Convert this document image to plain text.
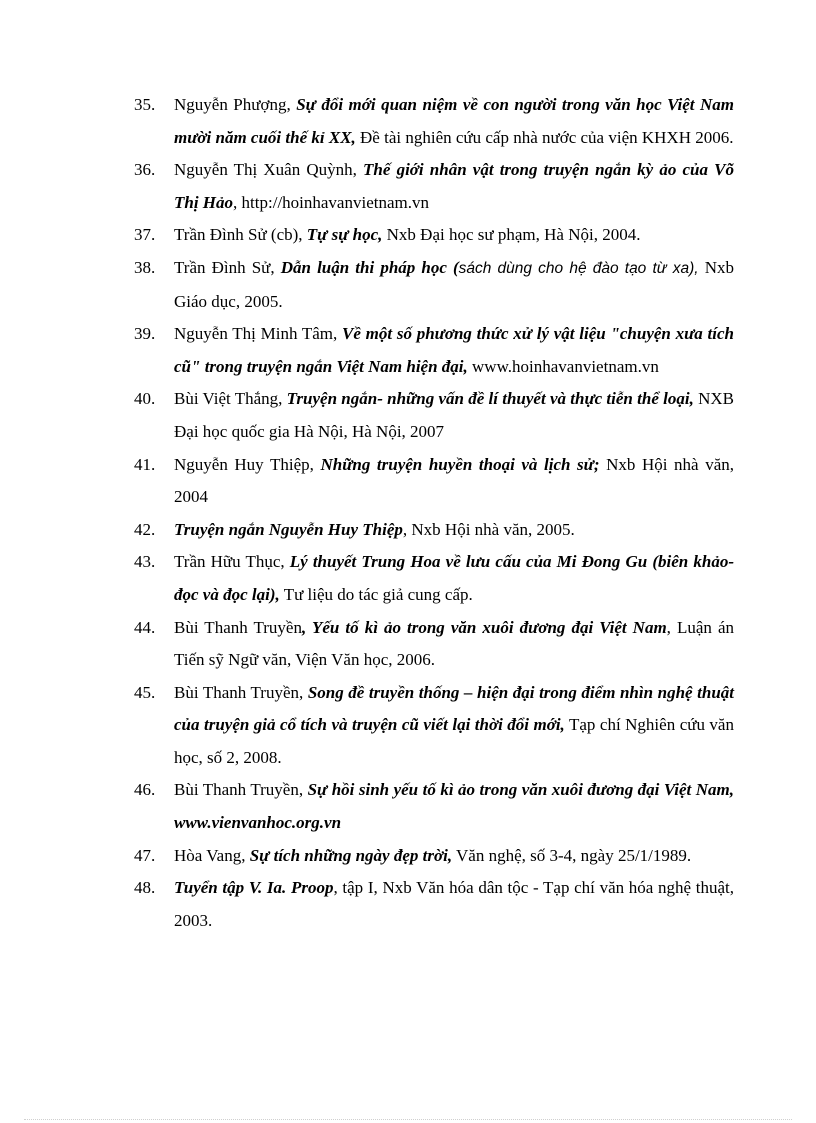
35. Nguyễn Phượng, Sự đổi mới quan niệm về con người trong văn học Việt Nam mười năm cuối thế kỉ XX, Đề tài nghiên cứu cấp nhà nước của viện KHXH 2006.
36. Nguyễn Thị Xuân Quỳnh, Thế giới nhân vật trong truyện ngắn kỳ ảo của Võ Thị Hảo, http://hoinhavanvietnam.vn
37. Trần Đình Sử (cb), Tự sự học, Nxb Đại học sư phạm, Hà Nội, 2004.
38. Trần Đình Sử, Dẫn luận thi pháp học (sách dùng cho hệ đào tạo từ xa), Nxb Giáo dục, 2005.
39. Nguyễn Thị Minh Tâm, Về một số phương thức xử lý vật liệu "chuyện xưa tích cũ" trong truyện ngắn Việt Nam hiện đại, www.hoinhavanvietnam.vn
40. Bùi Việt Thắng, Truyện ngắn- những vấn đề lí thuyết và thực tiễn thể loại, NXB Đại học quốc gia Hà Nội, Hà Nội, 2007
41. Nguyễn Huy Thiệp, Những truyện huyền thoại và lịch sử; Nxb Hội nhà văn, 2004
42. Truyện ngắn Nguyễn Huy Thiệp, Nxb Hội nhà văn, 2005.
43. Trần Hữu Thục, Lý thuyết Trung Hoa về lưu cấu của Mi Đong Gu (biên khảo- đọc và đọc lại), Tư liệu do tác giả cung cấp.
44. Bùi Thanh Truyền, Yếu tố kì ảo trong văn xuôi đương đại Việt Nam, Luận án Tiến sỹ Ngữ văn, Viện Văn học, 2006.
45. Bùi Thanh Truyền, Song đề truyền thống – hiện đại trong điểm nhìn nghệ thuật của truyện giả cổ tích và truyện cũ viết lại thời đổi mới, Tạp chí Nghiên cứu văn học, số 2, 2008.
46. Bùi Thanh Truyền, Sự hồi sinh yếu tố kì ảo trong văn xuôi đương đại Việt Nam, www.vienvanhoc.org.vn
47. Hòa Vang, Sự tích những ngày đẹp trời, Văn nghệ, số 3-4, ngày 25/1/1989.
48. Tuyển tập V. Ia. Proop, tập I, Nxb Văn hóa dân tộc - Tạp chí văn hóa nghệ thuật, 2003.
